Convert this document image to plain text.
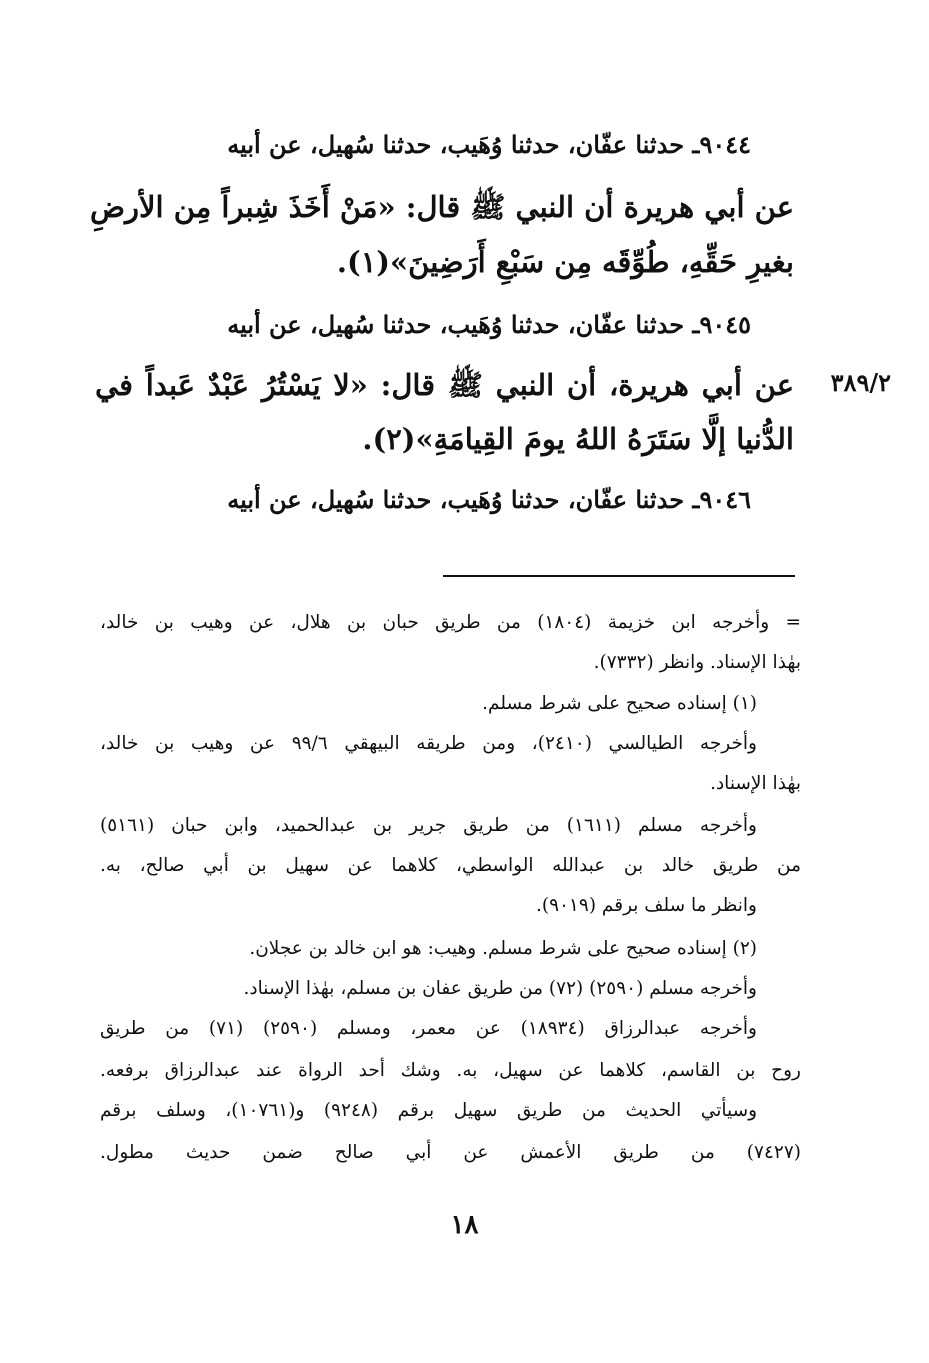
٩٠٤٤ـ حدثنا عفّان، حدثنا وُهَيب، حدثنا سُهيل، عن أبيه
عن أبي هريرة أن النبي ﷺ قال: «مَنْ أَخَذَ شِبراً مِن الأرضِ
بغيرِ حَقِّهِ، طُوِّقَه مِن سَبْعِ أَرَضِينَ»(١).
٩٠٤٥ـ حدثنا عفّان، حدثنا وُهَيب، حدثنا سُهيل، عن أبيه
٣٨٩/٢
عن أبي هريرة، أن النبي ﷺ قال: «لا يَسْتُرُ عَبْدٌ عَبداً في
الدُّنيا إلَّا سَتَرَهُ اللهُ يومَ القِيامَةِ»(٢).
٩٠٤٦ـ حدثنا عفّان، حدثنا وُهَيب، حدثنا سُهيل، عن أبيه
= وأخرجه ابن خزيمة (١٨٠٤) من طريق حبان بن هلال، عن وهيب بن خالد،
بهٰذا الإسناد. وانظر (٧٣٣٢).
(١) إسناده صحيح على شرط مسلم.
وأخرجه الطيالسي (٢٤١٠)، ومن طريقه البيهقي ٩٩/٦ عن وهيب بن خالد،
بهٰذا الإسناد.
وأخرجه مسلم (١٦١١) من طريق جرير بن عبدالحميد، وابن حبان (٥١٦١)
من طريق خالد بن عبدالله الواسطي، كلاهما عن سهيل بن أبي صالح، به.
وانظر ما سلف برقم (٩٠١٩).
(٢) إسناده صحيح على شرط مسلم. وهيب: هو ابن خالد بن عجلان.
وأخرجه مسلم (٢٥٩٠) (٧٢) من طريق عفان بن مسلم، بهٰذا الإسناد.
وأخرجه عبدالرزاق (١٨٩٣٤) عن معمر، ومسلم (٢٥٩٠) (٧١) من طريق
روح بن القاسم، كلاهما عن سهيل، به. وشك أحد الرواة عند عبدالرزاق برفعه.
وسيأتي الحديث من طريق سهيل برقم (٩٢٤٨) و(١٠٧٦١)، وسلف برقم
(٧٤٢٧) من طريق الأعمش عن أبي صالح ضمن حديث مطول.
١٨
